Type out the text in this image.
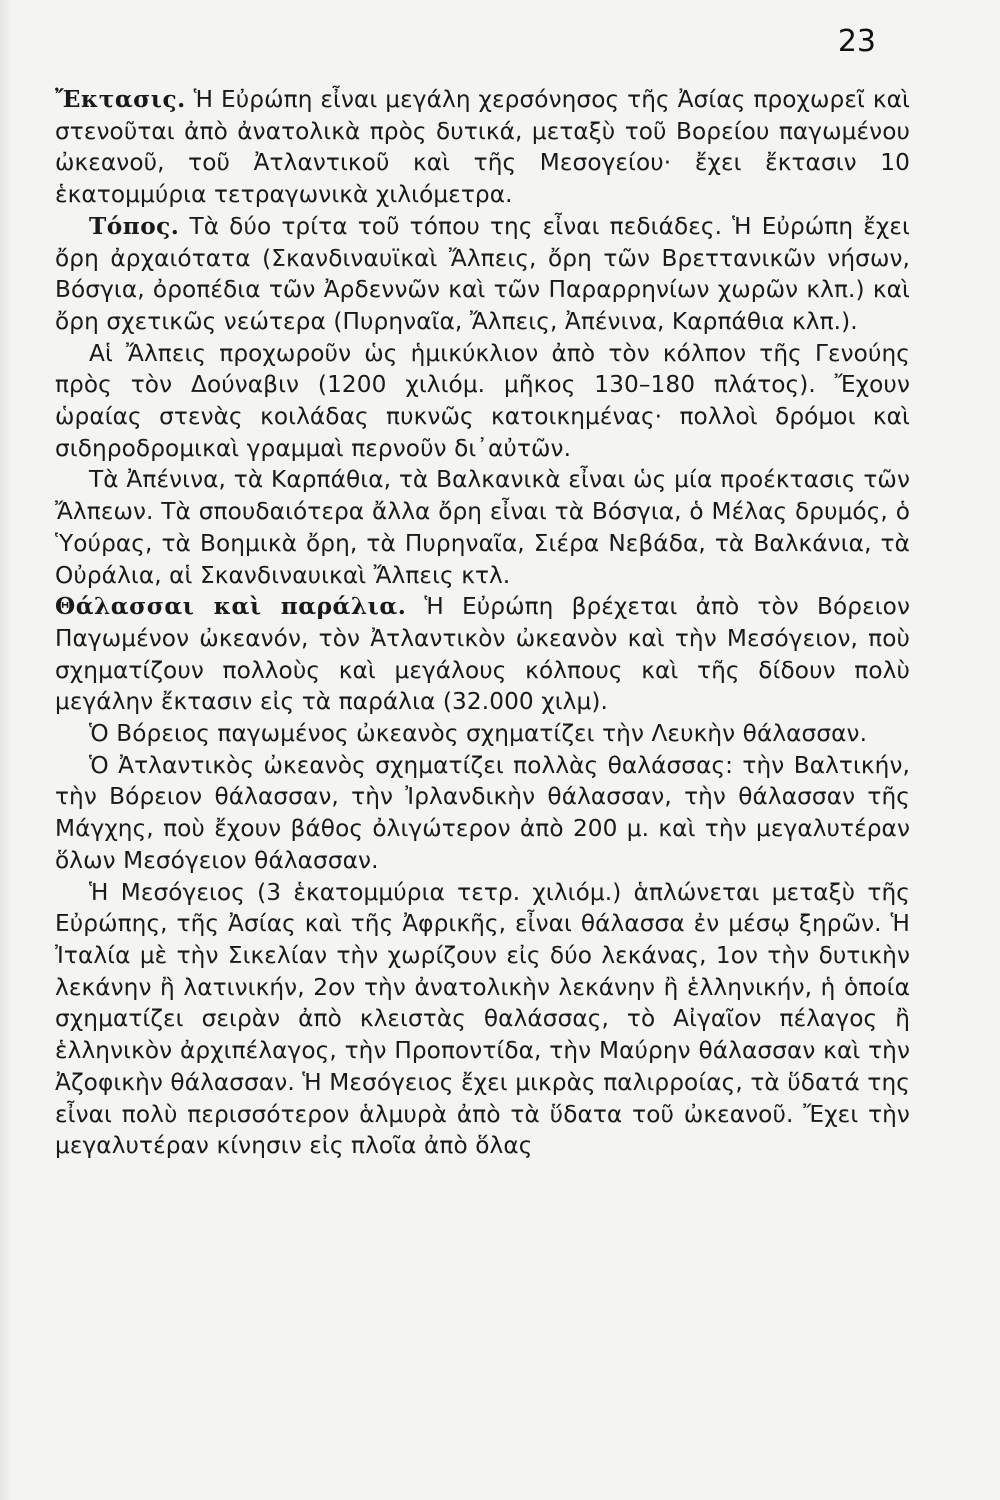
23

Ἔκτασις. Ἡ Εὐρώπη εἶναι μεγάλη χερσόνησος τῆς Ἀσίας προχωρεῖ καὶ στενοῦται ἀπὸ ἀνατολικὰ πρὸς δυτικά, μεταξὺ τοῦ Βορείου παγωμένου ὠκεανοῦ, τοῦ Ἀτλαντικοῦ καὶ τῆς Μεσογείου· ἔχει ἔκτασιν 10 ἑκατομμύρια τετραγωνικὰ χιλιόμετρα.

Τόπος. Τὰ δύο τρίτα τοῦ τόπου της εἶναι πεδιάδες. Ἡ Εὐρώπη ἔχει ὄρη ἀρχαιότατα (Σκανδιναυϊκαὶ Ἄλπεις, ὄρη τῶν Βρεττανικῶν νήσων, Βόσγια, ὀροπέδια τῶν Ἀρδεννῶν καὶ τῶν Παραρρηνίων χωρῶν κλπ.) καὶ ὄρη σχετικῶς νεώτερα (Πυρηναῖα, Ἄλπεις, Ἀπένινα, Καρπάθια κλπ.).

Αἱ Ἄλπεις προχωροῦν ὡς ἡμικύκλιον ἀπὸ τὸν κόλπον τῆς Γενούης πρὸς τὸν Δούναβιν (1200 χιλιόμ. μῆκος 130–180 πλάτος). Ἔχουν ὡραίας στενὰς κοιλάδας πυκνῶς κατοικημένας· πολλοὶ δρόμοι καὶ σιδηροδρομικαὶ γραμμαὶ περνοῦν δι᾿αὐτῶν.

Τὰ Ἀπένινα, τὰ Καρπάθια, τὰ Βαλκανικὰ εἶναι ὡς μία προέκτασις τῶν Ἄλπεων. Τὰ σπουδαιότερα ἄλλα ὄρη εἶναι τὰ Βόσγια, ὁ Μέλας δρυμός, ὁ Ὑούρας, τὰ Βοημικὰ ὄρη, τὰ Πυρηναῖα, Σιέρα Νεβάδα, τὰ Βαλκάνια, τὰ Οὐράλια, αἱ Σκανδιναυικαὶ Ἄλπεις κτλ.

Θάλασσαι καὶ παράλια. Ἡ Εὐρώπη βρέχεται ἀπὸ τὸν Βόρειον Παγωμένον ὠκεανόν, τὸν Ἀτλαντικὸν ὠκεανὸν καὶ τὴν Μεσόγειον, ποὺ σχηματίζουν πολλοὺς καὶ μεγάλους κόλπους καὶ τῆς δίδουν πολὺ μεγάλην ἔκτασιν εἰς τὰ παράλια (32.000 χιλμ).

Ὁ Βόρειος παγωμένος ὠκεανὸς σχηματίζει τὴν Λευκὴν θάλασσαν.

Ὁ Ἀτλαντικὸς ὠκεανὸς σχηματίζει πολλὰς θαλάσσας: τὴν Βαλτικήν, τὴν Βόρειον θάλασσαν, τὴν Ἰρλανδικὴν θάλασσαν, τὴν θάλασσαν τῆς Μάγχης, ποὺ ἔχουν βάθος ὀλιγώτερον ἀπὸ 200 μ. καὶ τὴν μεγαλυτέραν ὅλων Μεσόγειον θάλασσαν.

Ἡ Μεσόγειος (3 ἑκατομμύρια τετρ. χιλιόμ.) ἁπλώνεται μεταξὺ τῆς Εὐρώπης, τῆς Ἀσίας καὶ τῆς Ἀφρικῆς, εἶναι θάλασσα ἐν μέσῳ ξηρῶν. Ἡ Ἰταλία μὲ τὴν Σικελίαν τὴν χωρίζουν εἰς δύο λεκάνας, 1ον τὴν δυτικὴν λεκάνην ἢ λατινικήν, 2ον τὴν ἀνατολικὴν λεκάνην ἢ ἑλληνικήν, ἡ ὁποία σχηματίζει σειρὰν ἀπὸ κλειστὰς θαλάσσας, τὸ Αἰγαῖον πέλαγος ἢ ἑλληνικὸν ἀρχιπέλαγος, τὴν Προποντίδα, τὴν Μαύρην θάλασσαν καὶ τὴν Ἀζοφικὴν θάλασσαν. Ἡ Μεσόγειος ἔχει μικρὰς παλιρροίας, τὰ ὕδατά της εἶναι πολὺ περισσότερον ἁλμυρὰ ἀπὸ τὰ ὕδατα τοῦ ὠκεανοῦ. Ἔχει τὴν μεγαλυτέραν κίνησιν εἰς πλοῖα ἀπὸ ὅλας
